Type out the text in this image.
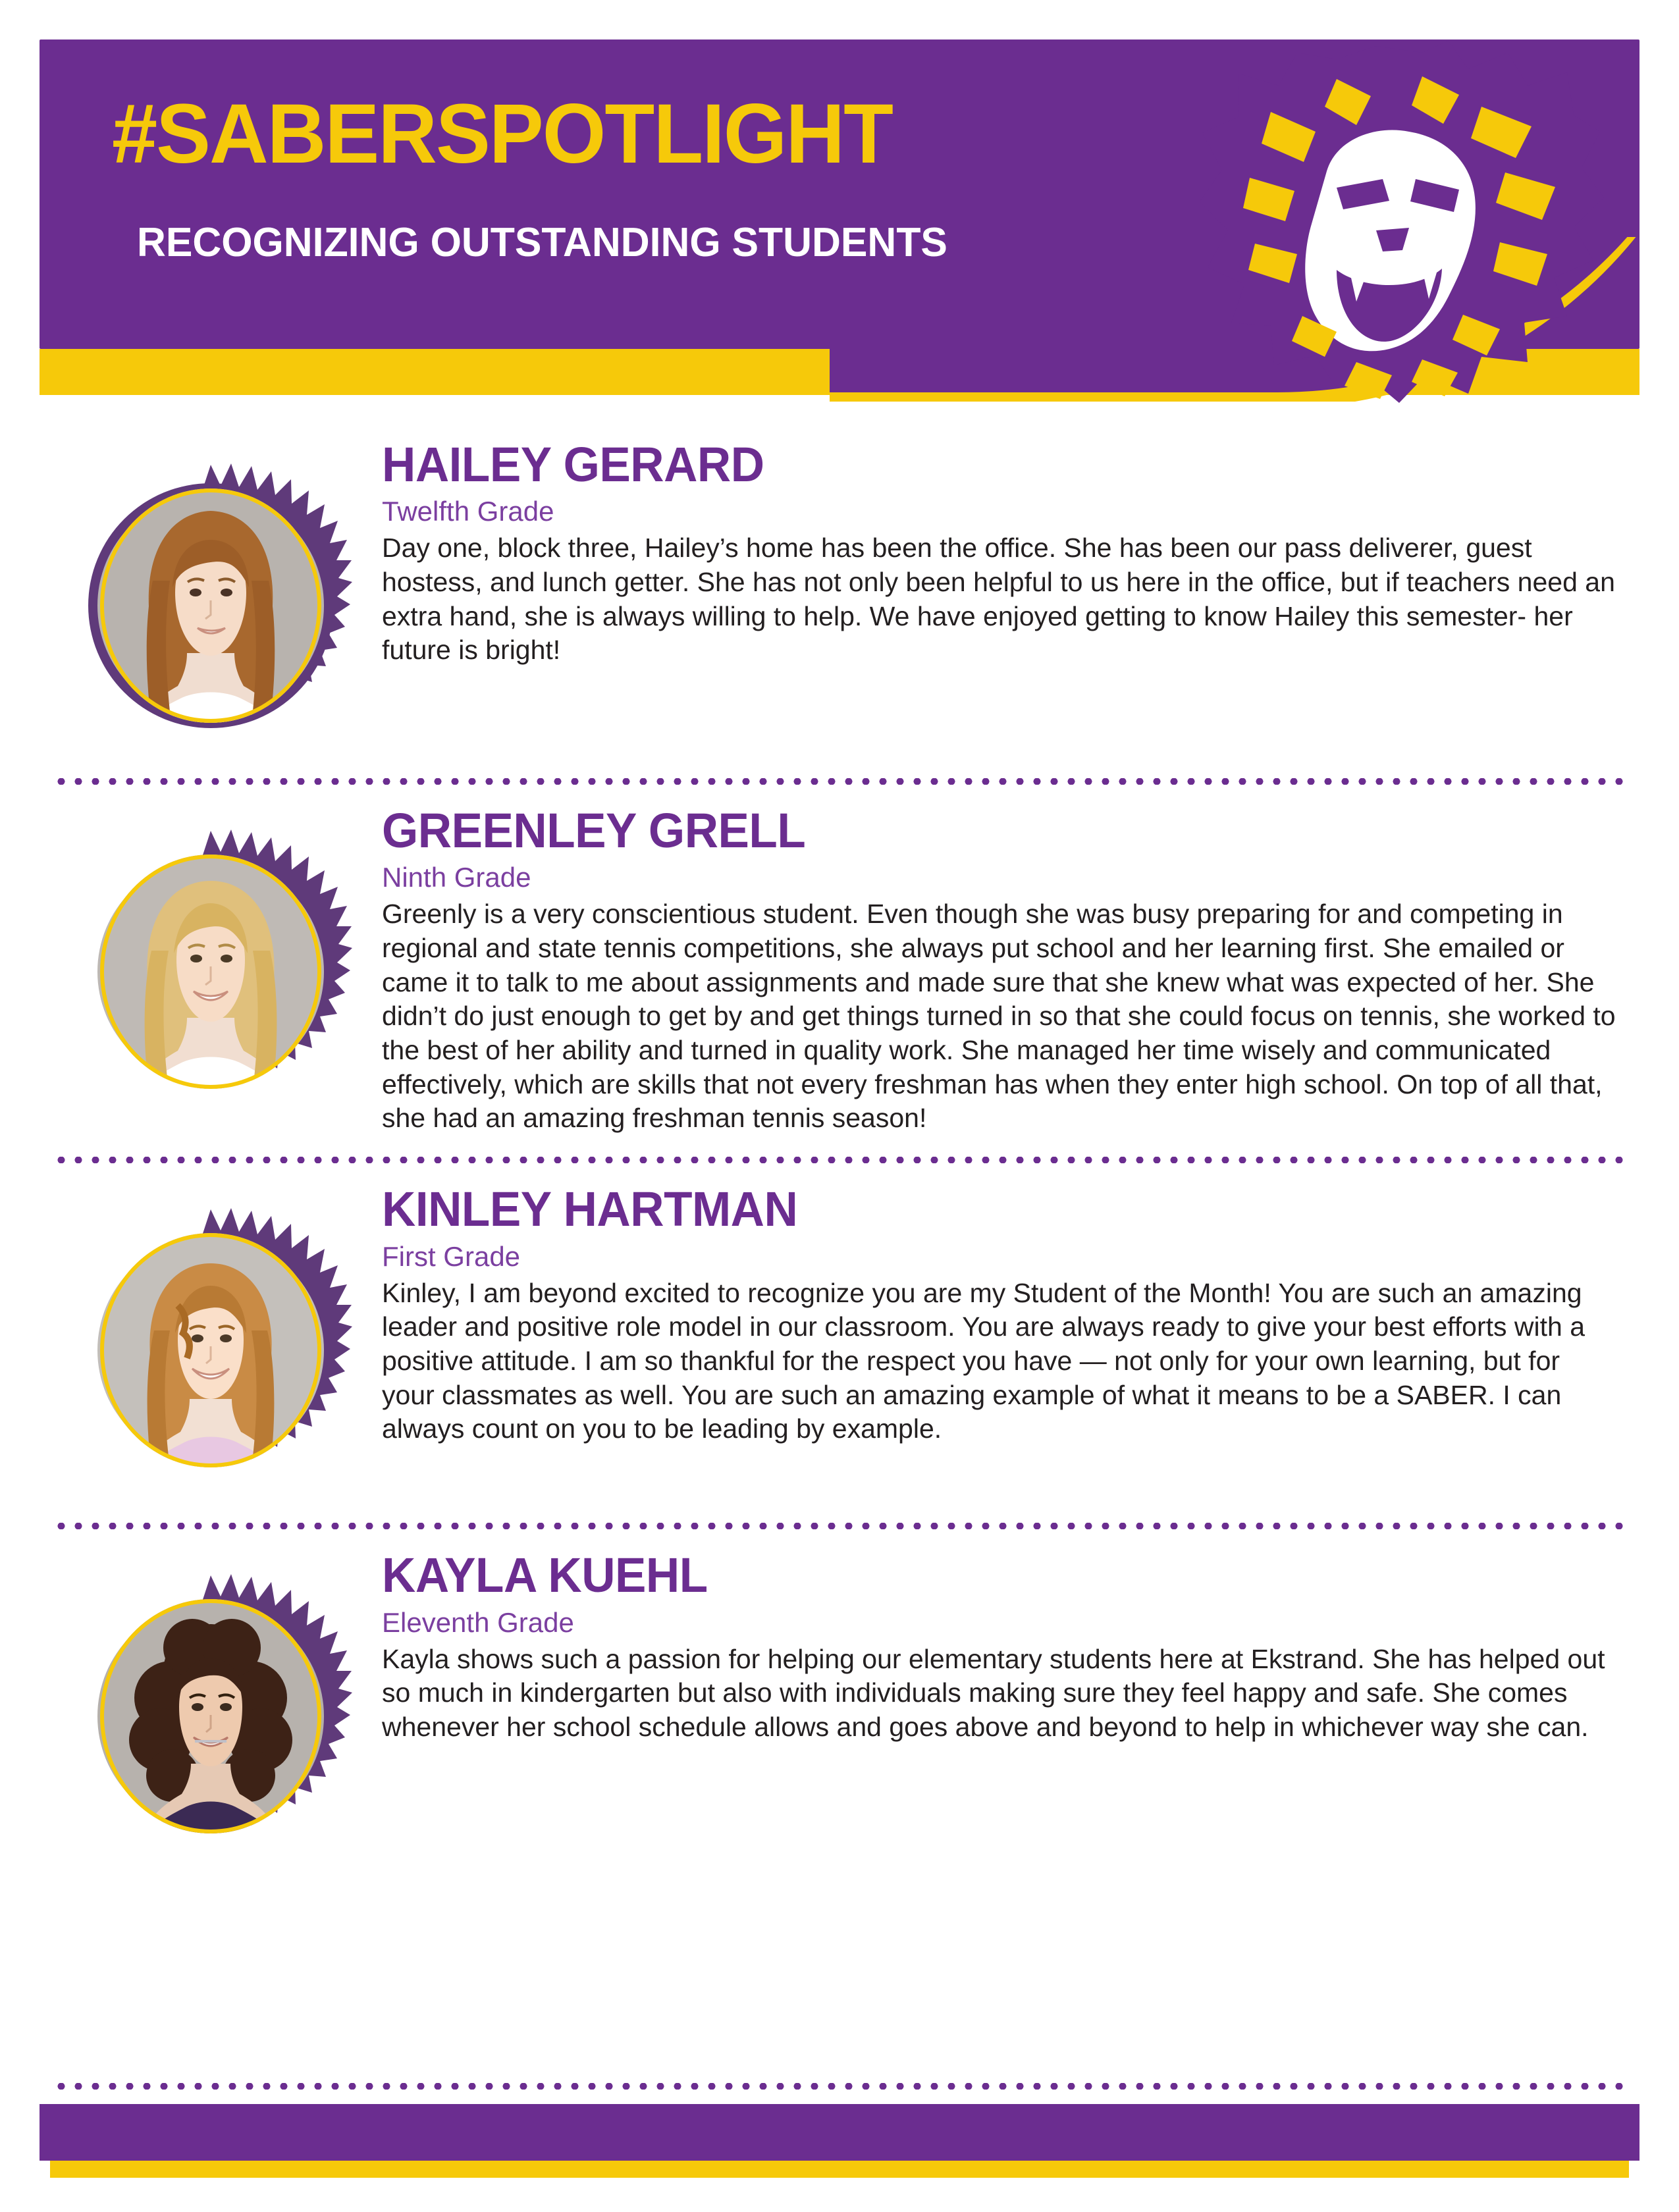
#SABERSPOTLIGHT
RECOGNIZING OUTSTANDING STUDENTS
HAILEY GERARD
Twelfth Grade
Day one, block three, Hailey’s home has been the office. She has been our pass deliverer, guest hostess, and lunch getter. She has not only been helpful to us here in the office, but if teachers need an extra hand, she is always willing to help. We have enjoyed getting to know Hailey this semester- her future is bright!
GREENLEY GRELL
Ninth Grade
Greenly is a very conscientious student. Even though she was busy preparing for and competing in regional and state tennis competitions, she always put school and her learning first. She emailed or came it to talk to me about assignments and made sure that she knew what was expected of her. She didn’t do just enough to get by and get things turned in so that she could focus on tennis, she worked to the best of her ability and turned in quality work. She managed her time wisely and communicated effectively, which are skills that not every freshman has when they enter high school. On top of all that, she had an amazing freshman tennis season!
KINLEY HARTMAN
First Grade
Kinley, I am beyond excited to recognize you are my Student of the Month! You are such an amazing leader and positive role model in our classroom. You are always ready to give your best efforts with a positive attitude. I am so thankful for the respect you have — not only for your own learning, but for your classmates as well. You are such an amazing example of what it means to be a SABER. I can always count on you to be leading by example.
KAYLA KUEHL
Eleventh Grade
Kayla shows such a passion for helping our elementary students here at Ekstrand. She has helped out so much in kindergarten but also with individuals making sure they feel happy and safe. She comes whenever her school schedule allows and goes above and beyond to help in whichever way she can.
